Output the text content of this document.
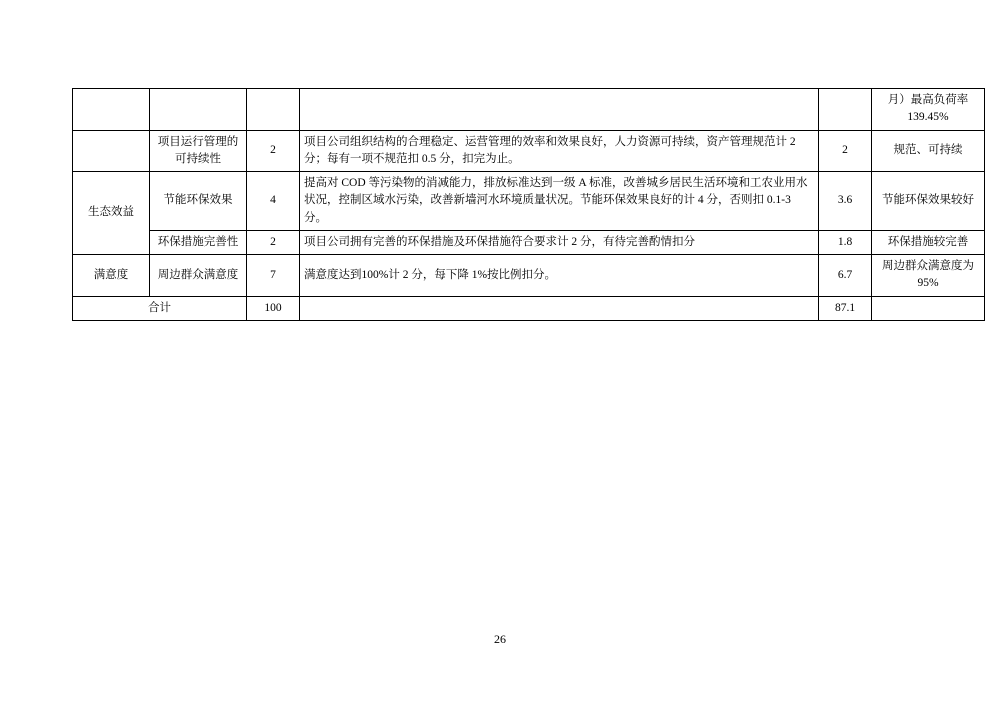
					月）最高负荷率139.45%
	项目运行管理的可持续性	2	项目公司组织结构的合理稳定、运营管理的效率和效果良好，人力资源可持续，资产管理规范计 2 分；每有一项不规范扣 0.5 分，扣完为止。	2	规范、可持续
生态效益	节能环保效果	4	提高对 COD 等污染物的消减能力，排放标准达到一级 A 标准，改善城乡居民生活环境和工农业用水状况，控制区域水污染，改善新墙河水环境质量状况。节能环保效果良好的计 4 分，否则扣 0.1-3 分。	3.6	节能环保效果较好
	环保措施完善性	2	项目公司拥有完善的环保措施及环保措施符合要求计 2 分，有待完善酌情扣分	1.8	环保措施较完善
满意度	周边群众满意度	7	满意度达到100%计 2 分，每下降 1%按比例扣分。	6.7	周边群众满意度为95%
合计		100		87.1	
26
